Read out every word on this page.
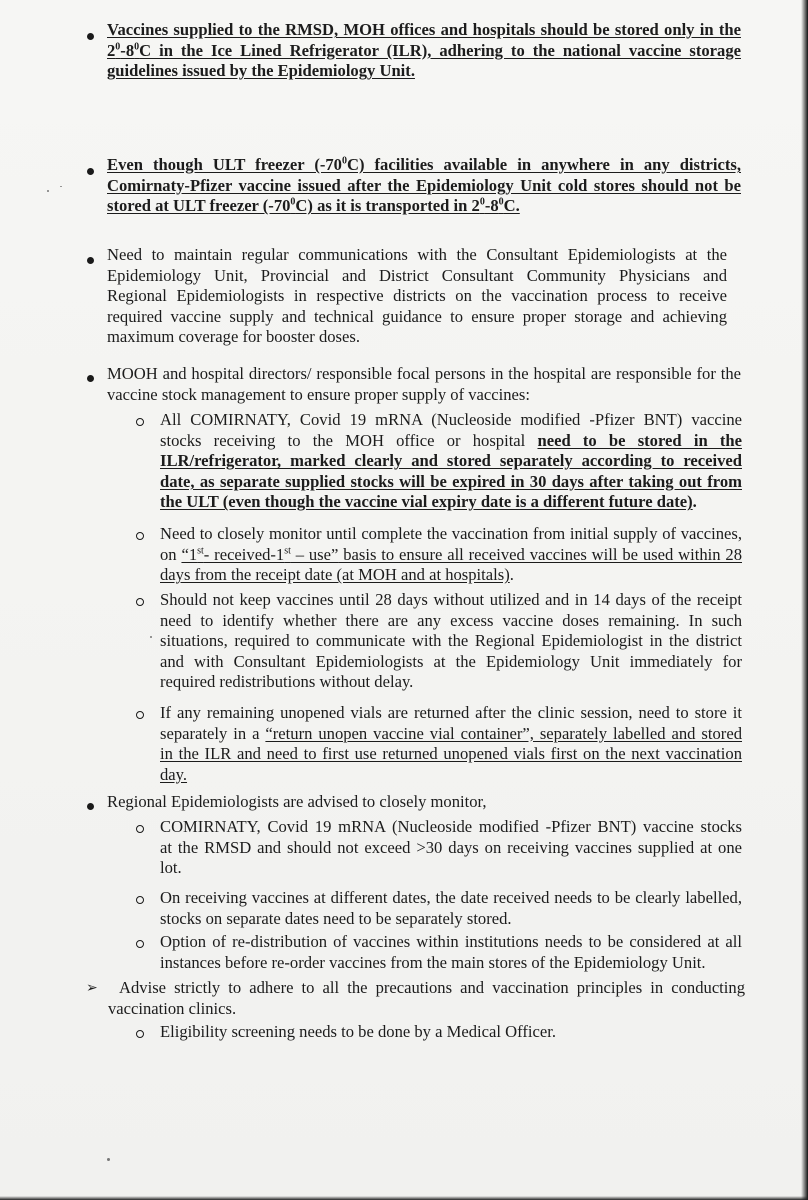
Vaccines supplied to the RMSD, MOH offices and hospitals should be stored only in the

$2^0-8^0C$ in the Ice Lined Refrigerator (ILR), adhering to the national vaccine storage

guidelines issued by the Epidemiology Unit.

Even though ULT freezer $(-70^0C)$ facilities available in anywhere in any districts,

Comirnaty-Pfizer vaccine issued after the Epidemiology Unit cold stores should not be

stored at ULT freezer $(-70^0C)$ as it is transported in $2^0-8^0C$.

Need to maintain regular communications with the Consultant Epidemiologists at the

Epidemiology Unit, Provincial and District Consultant Community Physicians and

Regional Epidemiologists in respective districts on the vaccination process to receive

required vaccine supply and technical guidance to ensure proper storage and achieving

maximum coverage for booster doses.

MOOH and hospital directors/ responsible focal persons in the hospital are responsible for the

vaccine stock management to ensure proper supply of vaccines:

All COMIRNATY, Covid 19 mRNA (Nucleoside modified -Pfizer BNT) vaccine

stocks receiving to the MOH office or hospital need to be stored in the

ILR/refrigerator, marked clearly and stored separately according to received

date, as separate supplied stocks will be expired in 30 days after taking out from

the ULT (even though the vaccine vial expiry date is a different future date).

Need to closely monitor until complete the vaccination from initial supply of vaccines,

on “1st- received-1st – use” basis to ensure all received vaccines will be used within 28

days from the receipt date (at MOH and at hospitals).

Should not keep vaccines until 28 days without utilized and in 14 days of the receipt

need to identify whether there are any excess vaccine doses remaining. In such

situations, required to communicate with the Regional Epidemiologist in the district

and with Consultant Epidemiologists at the Epidemiology Unit immediately for

required redistributions without delay.

If any remaining unopened vials are returned after the clinic session, need to store it

separately in a “return unopen vaccine vial container”, separately labelled and stored

in the ILR and need to first use returned unopened vials first on the next vaccination

day.

Regional Epidemiologists are advised to closely monitor,

COMIRNATY, Covid 19 mRNA (Nucleoside modified -Pfizer BNT) vaccine stocks

at the RMSD and should not exceed >30 days on receiving vaccines supplied at one

lot.

On receiving vaccines at different dates, the date received needs to be clearly labelled,

stocks on separate dates need to be separately stored.

Option of re-distribution of vaccines within institutions needs to be considered at all

instances before re-order vaccines from the main stores of the Epidemiology Unit.

➢	Advise strictly to adhere to all the precautions and vaccination principles in conducting

vaccination clinics.

Eligibility screening needs to be done by a Medical Officer.
